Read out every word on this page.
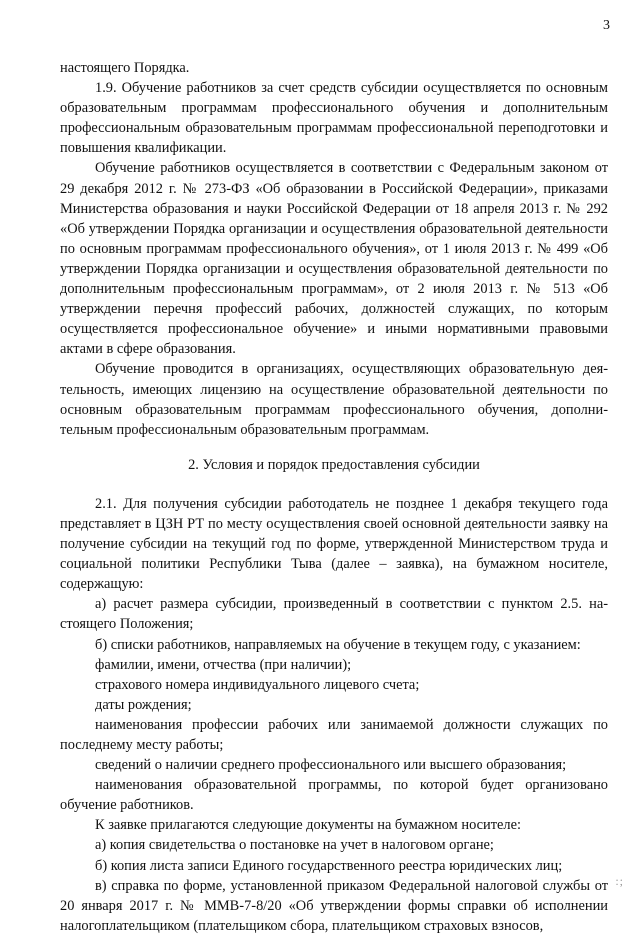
3

настоящего Порядка.

1.9. Обучение работников за счет средств субсидии осуществляется по основным образовательным программам профессионального обучения и дополнительным профессиональным образовательным программам профессиональной переподготовки и повышения квалификации.

Обучение работников осуществляется в соответствии с Федеральным законом от 29 декабря 2012 г. № 273-ФЗ «Об образовании в Российской Федерации», приказами Министерства образования и науки Российской Федерации от 18 апреля 2013 г. № 292 «Об утверждении Порядка организации и осуществления образовательной деятельности по основным программам профессионального обучения», от 1 июля 2013 г. № 499 «Об утверждении Порядка организации и осуществления образовательной деятельности по дополнительным профессиональным программам», от 2 июля 2013 г. № 513 «Об утверждении перечня профессий рабочих, должностей служащих, по которым осуществляется профессиональное обучение» и иными нормативными правовыми актами в сфере образования.

Обучение проводится в организациях, осуществляющих образовательную деятельность, имеющих лицензию на осуществление образовательной деятельности по основным образовательным программам профессионального обучения, дополнительным профессиональным образовательным программам.

2. Условия и порядок предоставления субсидии

2.1. Для получения субсидии работодатель не позднее 1 декабря текущего года представляет в ЦЗН РТ по месту осуществления своей основной деятельности заявку на получение субсидии на текущий год по форме, утвержденной Министерством труда и социальной политики Республики Тыва (далее – заявка), на бумажном носителе, содержащую:

а) расчет размера субсидии, произведенный в соответствии с пунктом 2.5. настоящего Положения;

б) списки работников, направляемых на обучение в текущем году, с указанием:

фамилии, имени, отчества (при наличии);

страхового номера индивидуального лицевого счета;

даты рождения;

наименования профессии рабочих или занимаемой должности служащих по последнему месту работы;

сведений о наличии среднего профессионального или высшего образования;

наименования образовательной программы, по которой будет организовано обучение работников.

К заявке прилагаются следующие документы на бумажном носителе:

а) копия свидетельства о постановке на учет в налоговом органе;

б) копия листа записи Единого государственного реестра юридических лиц;

в) справка по форме, установленной приказом Федеральной налоговой службы от 20 января 2017 г. № ММВ-7-8/20 «Об утверждении формы справки об исполнении налогоплательщиком (плательщиком сбора, плательщиком страховых взносов,

:;
